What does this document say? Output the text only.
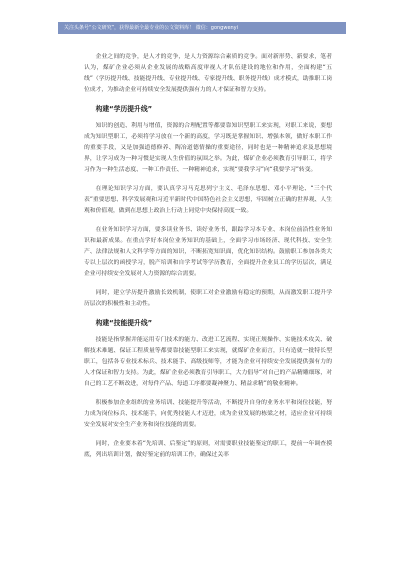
关注头条号“公文研究”，获得最新全最专业的公文资料库！ 微信：gongwenyi

企业之间的竞争，是人才的竞争，是人力资源综合素质的竞争。面对新形势、新要求，笔者认为，煤矿企业必须从企业发展的战略高度审视人才队伍建设的地位和作用，全面构建“五线”（学历提升线、技能提升线、专业提升线、专家提升线、职务提升线）成才模式，助推职工岗位成才，为推动企业可持续安全发展提供强有力的人才保证和智力支持。

构建“学历提升线”

知识的创造、利用与增值，资源的合理配置等都要靠知识型职工来实现，对职工来说，要想成为知识型职工，必须将学习放在一个新的高度，学习既是掌握知识、增强本领，做好本职工作的重要手段，又是加强道德修养、陶冶道德情操的重要途径，同时也是一种精神追求及思想境界，让学习成为一种习惯是实现人生价值的氛围之举。为此，煤矿企业必须教育引导职工，将学习作为一种生活态度、一种工作责任、一种精神追求，实现“要我学习”向“我要学习”转变。

在理论知识学习方面，要认真学习马克思列宁主义、毛泽东思想、邓小平理论、“三个代表”重要思想、科学发展观和习近平新时代中国特色社会主义思想，牢固树立正确的世界观、人生观和价值观，做到在思想上政治上行动上同党中央保持高度一致。

在业务知识学习方面，要多读业务书、读好业务书，跟踪学习本专业、本岗位前沿性业务知识和最新成果。在重点学好本岗位业务知识的基础上，全面学习市场经济、现代科技、安全生产、法律法规和人文科学等方面的知识，不断拓宽知识面，优化知识结构。鼓励职工参加各类大专以上层次的函授学习，脱产培训和自学考试等学历教育，全面提升企业员工的学历层次，满足企业可持续安全发展对人力资源的综合需要。

同时，建立学历提升激励长效机制，使职工对企业激励有稳定的预期，从而激发职工提升学历层次的积极性和主动性。

构建“技能提升线”

技能是指掌握并能运用专门技术的能力、改进工艺流程、实现正规操作、实施技术攻关、破解技术难题、保证工程质量等都要靠技能型职工来实现，就煤矿企业而言，只有造就一批特长型职工，包括各专业技术标兵、技术能手、高级技师等，才能为企业可持续安全发展提供强有力的人才保证和智力支持。为此，煤矿企业必须教育引导职工，大力倡导“对自己的产品精雕细琢，对自己的工艺不断改进，对每件产品、每道工序都要凝神聚力、精益求精”的敬业精神。

积极参加企业组织的业务培训、技能提升等活动，不断提升自身的业务水平和岗位技能，努力成为岗位标兵、技术能手，向优秀技能人才迈进，成为企业发展的栋梁之材，适应企业可持续安全发展对安全生产业务和岗位技能的需要。

同时，企业要本着“先培训、后鉴定”的原则，对需要职业技能鉴定的职工，提前一年调查摸底，列出培训计划，做好鉴定前的培训工作，确保过关率
